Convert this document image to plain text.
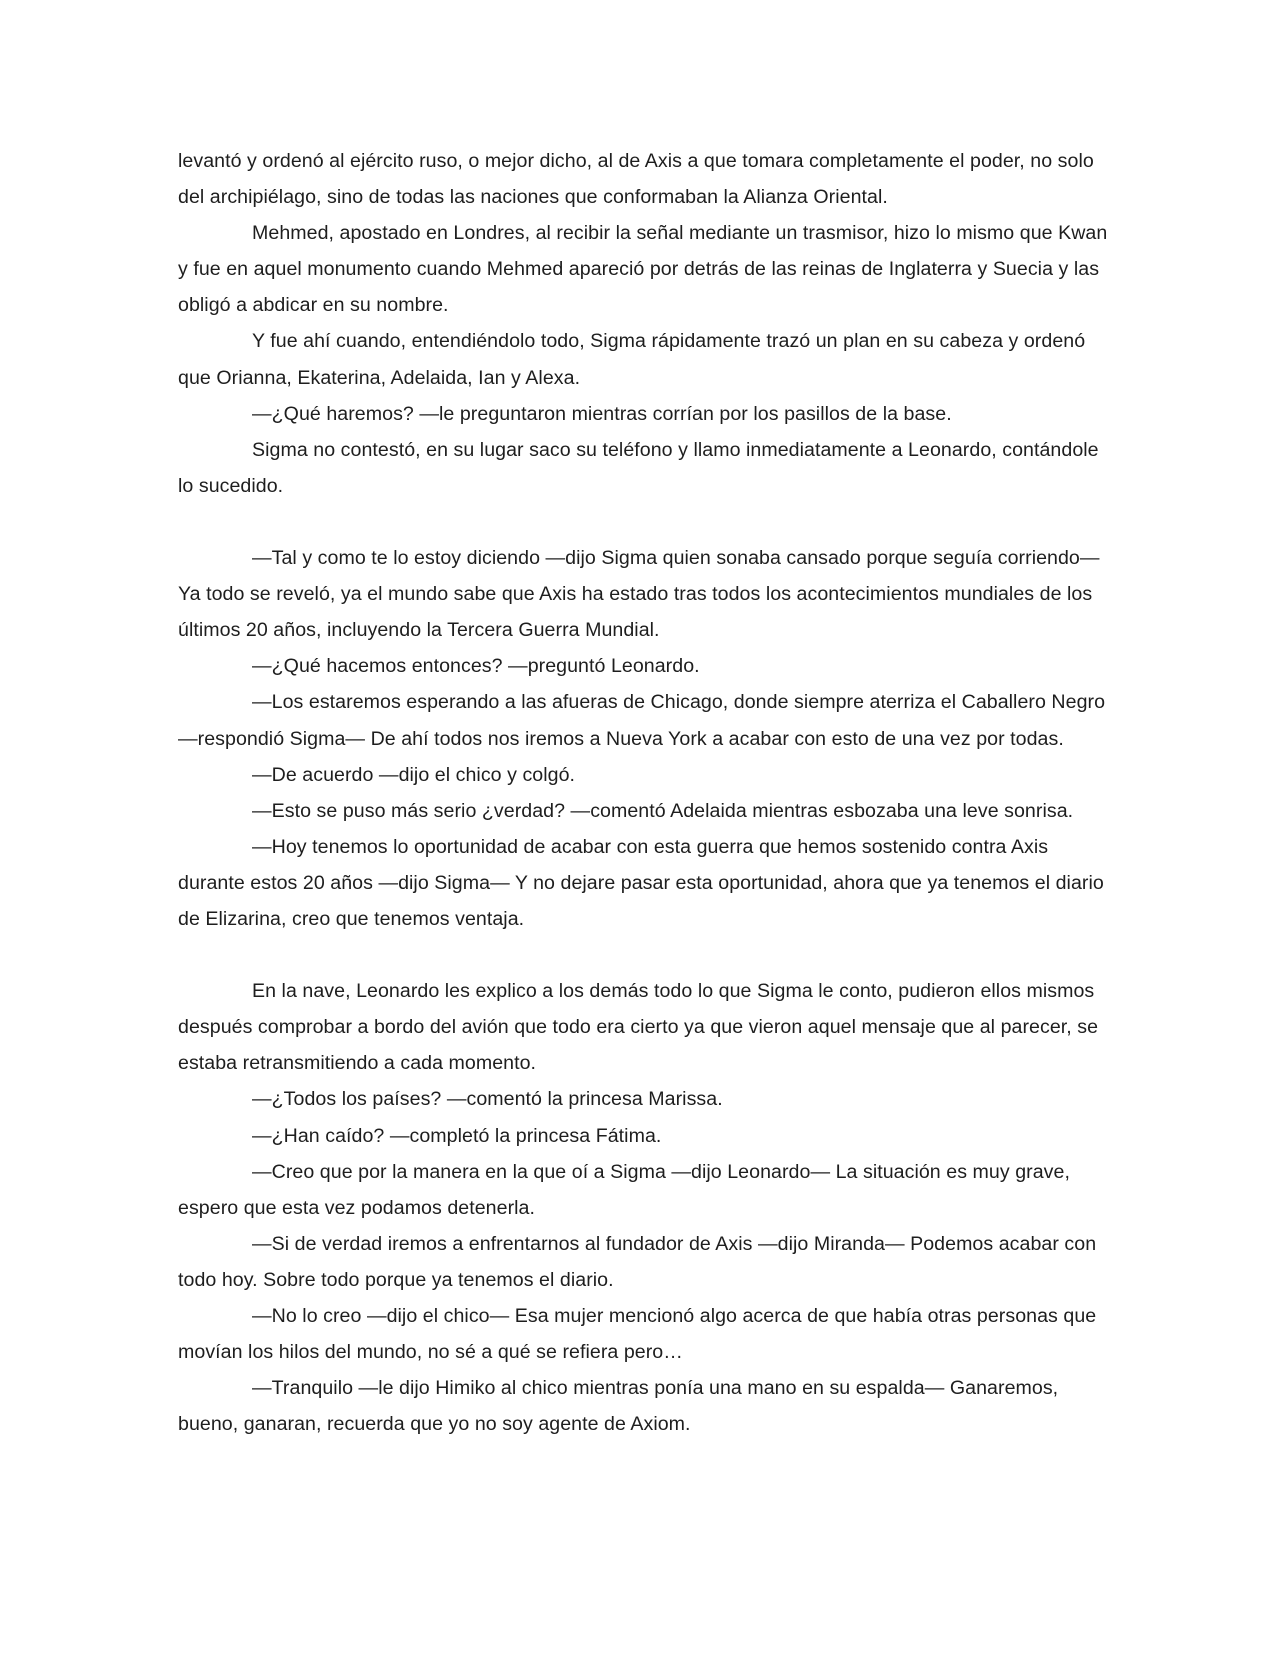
levantó y ordenó al ejército ruso, o mejor dicho, al de Axis a que tomara completamente el poder, no solo del archipiélago, sino de todas las naciones que conformaban la Alianza Oriental.

Mehmed, apostado en Londres, al recibir la señal mediante un trasmisor, hizo lo mismo que Kwan y fue en aquel monumento cuando Mehmed apareció por detrás de las reinas de Inglaterra y Suecia y las obligó a abdicar en su nombre.

Y fue ahí cuando, entendiéndolo todo, Sigma rápidamente trazó un plan en su cabeza y ordenó que Orianna, Ekaterina, Adelaida, Ian y Alexa.

—¿Qué haremos? —le preguntaron mientras corrían por los pasillos de la base.

Sigma no contestó, en su lugar saco su teléfono y llamo inmediatamente a Leonardo, contándole lo sucedido.

—Tal y como te lo estoy diciendo —dijo Sigma quien sonaba cansado porque seguía corriendo— Ya todo se reveló, ya el mundo sabe que Axis ha estado tras todos los acontecimientos mundiales de los últimos 20 años, incluyendo la Tercera Guerra Mundial.

—¿Qué hacemos entonces? —preguntó Leonardo.

—Los estaremos esperando a las afueras de Chicago, donde siempre aterriza el Caballero Negro —respondió Sigma— De ahí todos nos iremos a Nueva York a acabar con esto de una vez por todas.

—De acuerdo —dijo el chico y colgó.

—Esto se puso más serio ¿verdad? —comentó Adelaida mientras esbozaba una leve sonrisa.

—Hoy tenemos lo oportunidad de acabar con esta guerra que hemos sostenido contra Axis durante estos 20 años —dijo Sigma— Y no dejare pasar esta oportunidad, ahora que ya tenemos el diario de Elizarina, creo que tenemos ventaja.

En la nave, Leonardo les explico a los demás todo lo que Sigma le conto, pudieron ellos mismos después comprobar a bordo del avión que todo era cierto ya que vieron aquel mensaje que al parecer, se estaba retransmitiendo a cada momento.

—¿Todos los países? —comentó la princesa Marissa.

—¿Han caído? —completó la princesa Fátima.

—Creo que por la manera en la que oí a Sigma —dijo Leonardo— La situación es muy grave, espero que esta vez podamos detenerla.

—Si de verdad iremos a enfrentarnos al fundador de Axis —dijo Miranda— Podemos acabar con todo hoy. Sobre todo porque ya tenemos el diario.

—No lo creo —dijo el chico— Esa mujer mencionó algo acerca de que había otras personas que movían los hilos del mundo, no sé a qué se refiera pero…

—Tranquilo —le dijo Himiko al chico mientras ponía una mano en su espalda— Ganaremos, bueno, ganaran, recuerda que yo no soy agente de Axiom.
